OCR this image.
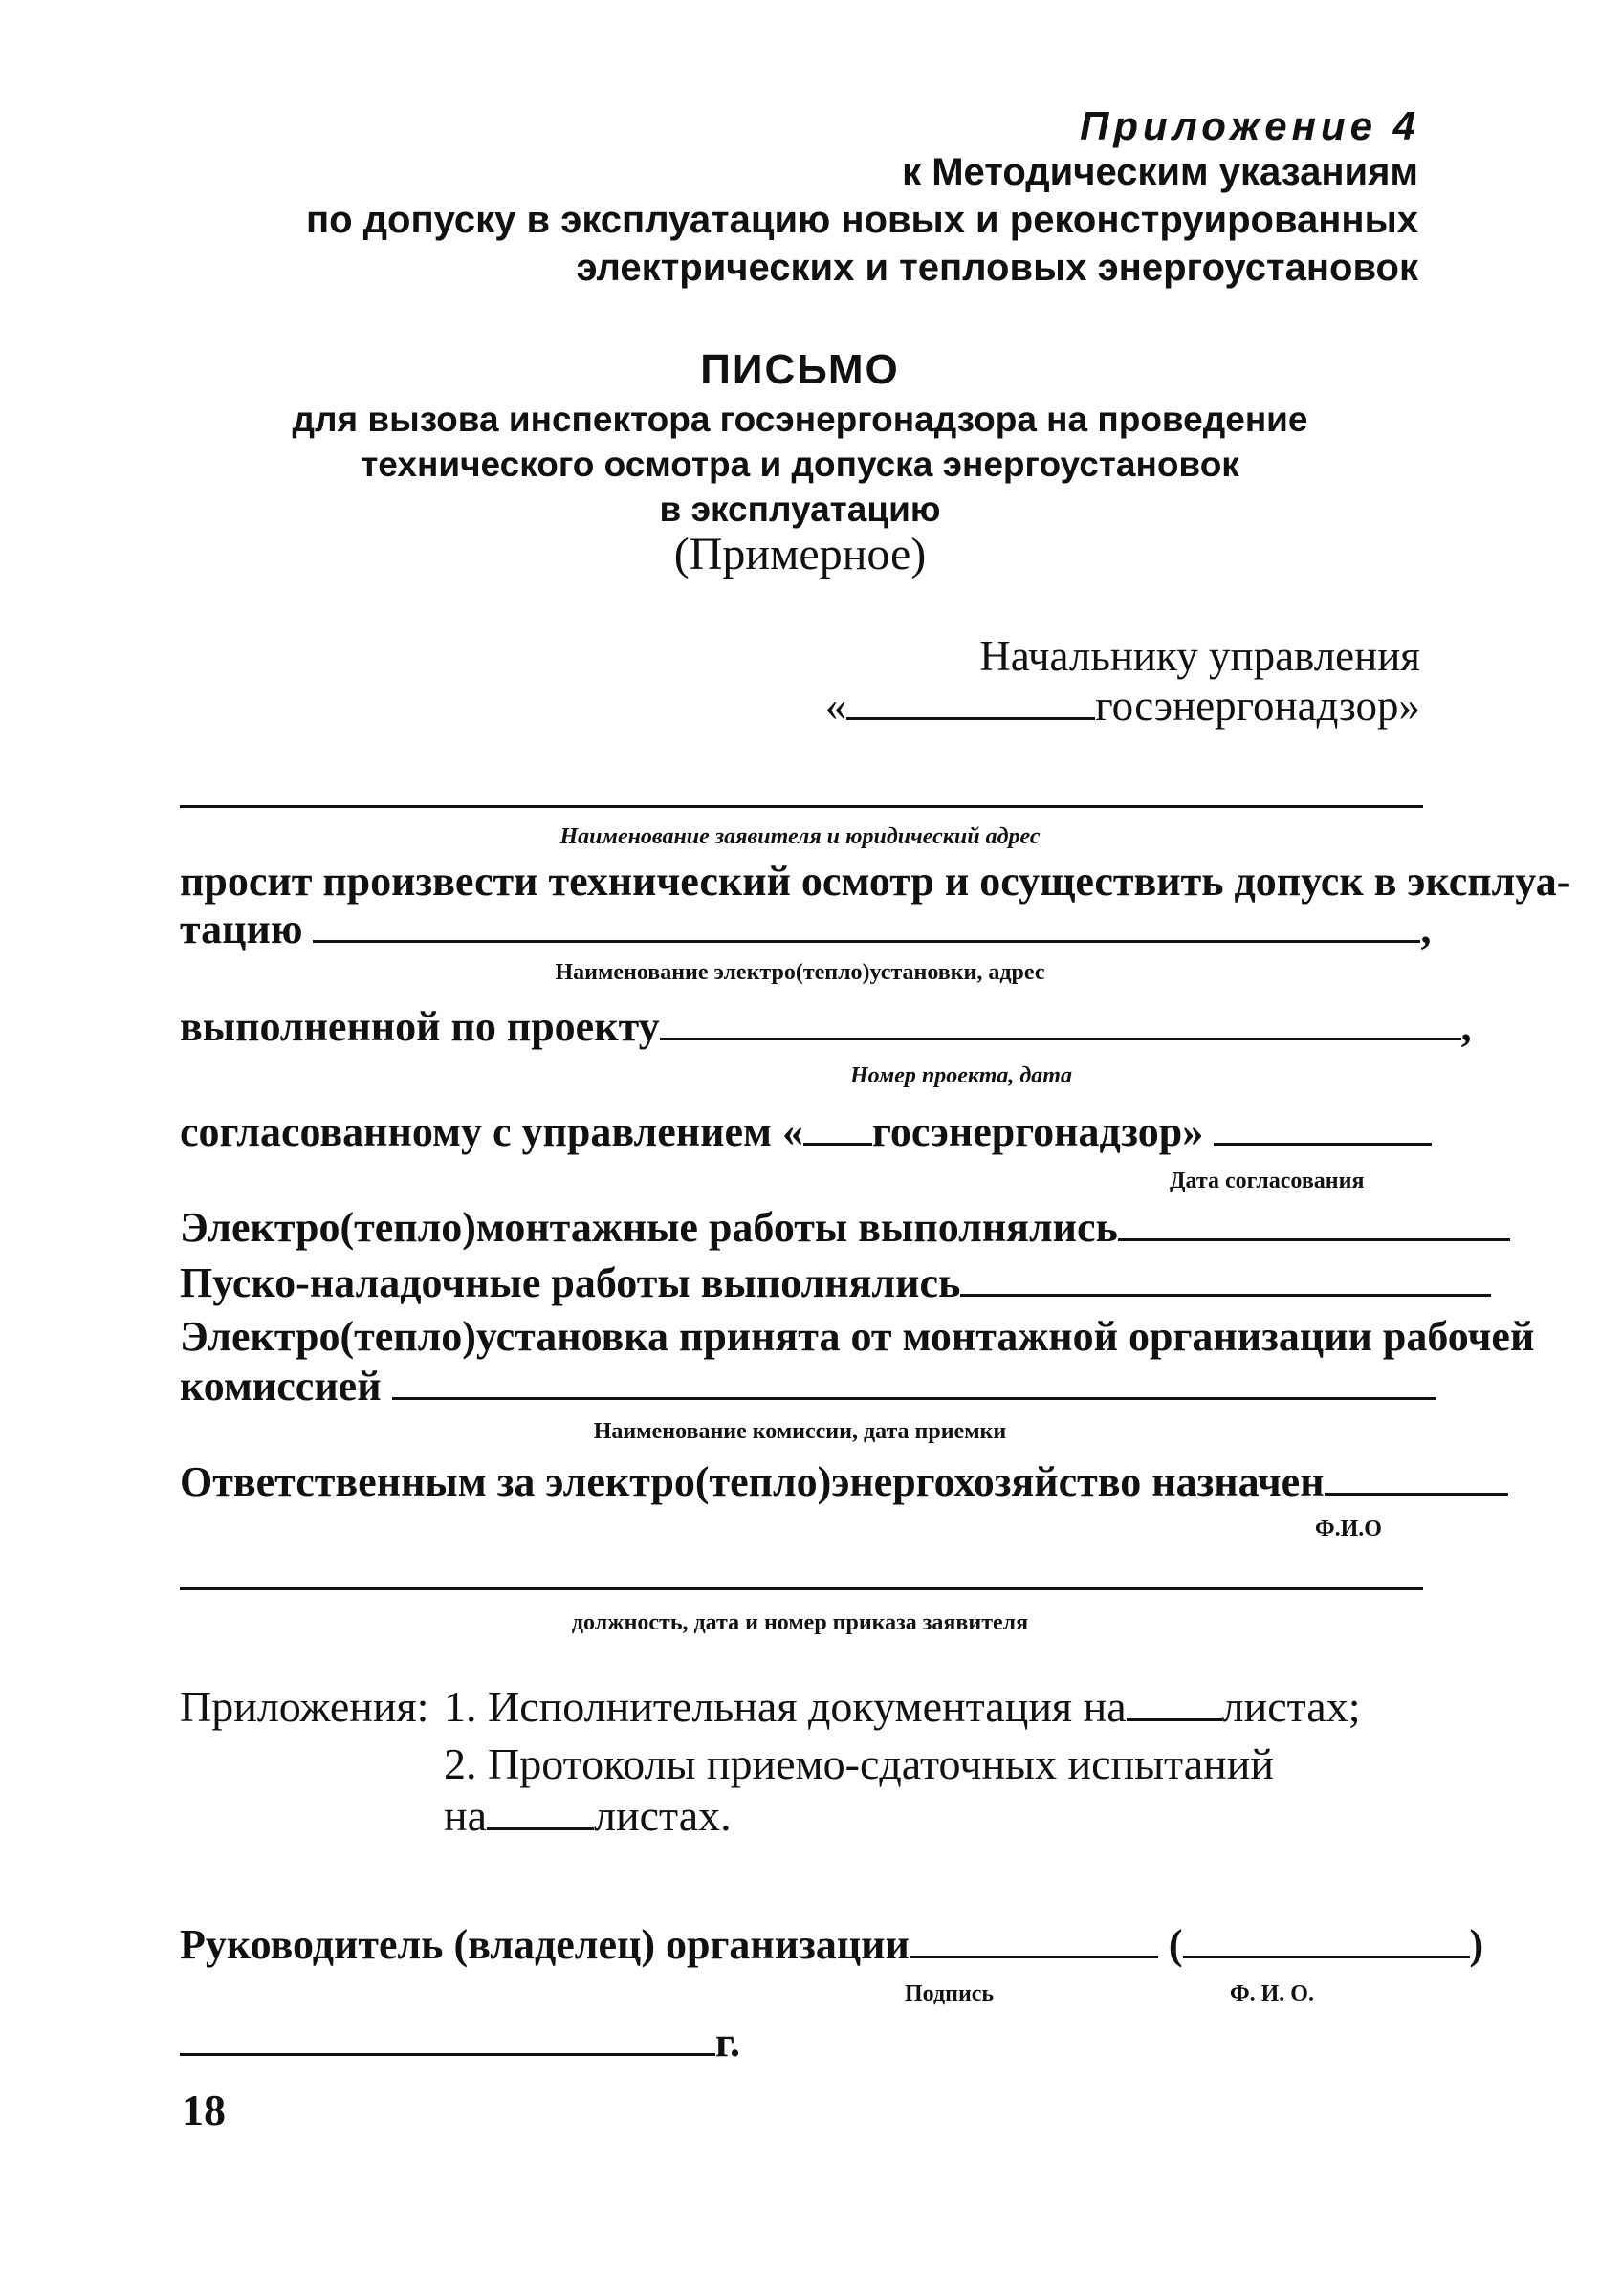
Приложение 4
к Методическим указаниям
по допуску в эксплуатацию новых и реконструированных
электрических и тепловых энергоустановок
ПИСЬМО
для вызова инспектора госэнергонадзора на проведение
технического осмотра и допуска энергоустановок
в эксплуатацию
(Примерное)
Начальнику управления
«	госэнергонадзор»
Наименование заявителя и юридический адрес
просит произвести технический осмотр и осуществить допуск в эксплуа-
тацию	,
Наименование электро(тепло)установки, адрес
выполненной по проекту	,
Номер проекта, дата
согласованному с управлением « госэнергонадзор»
Дата согласования
Электро(тепло)монтажные работы выполнялись
Пуско-наладочные работы выполнялись
Электро(тепло)установка принята от монтажной организации рабочей
комиссией
Наименование комиссии, дата приемки
Ответственным за электро(тепло)энергохозяйство назначен
Ф.И.О
должность, дата и номер приказа заявителя
Приложения: 1. Исполнительная документация на листах;
2. Протоколы приемо-сдаточных испытаний
на листах.
Руководитель (владелец) организации	(	)
Подпись	Ф. И. О.
г.
18
